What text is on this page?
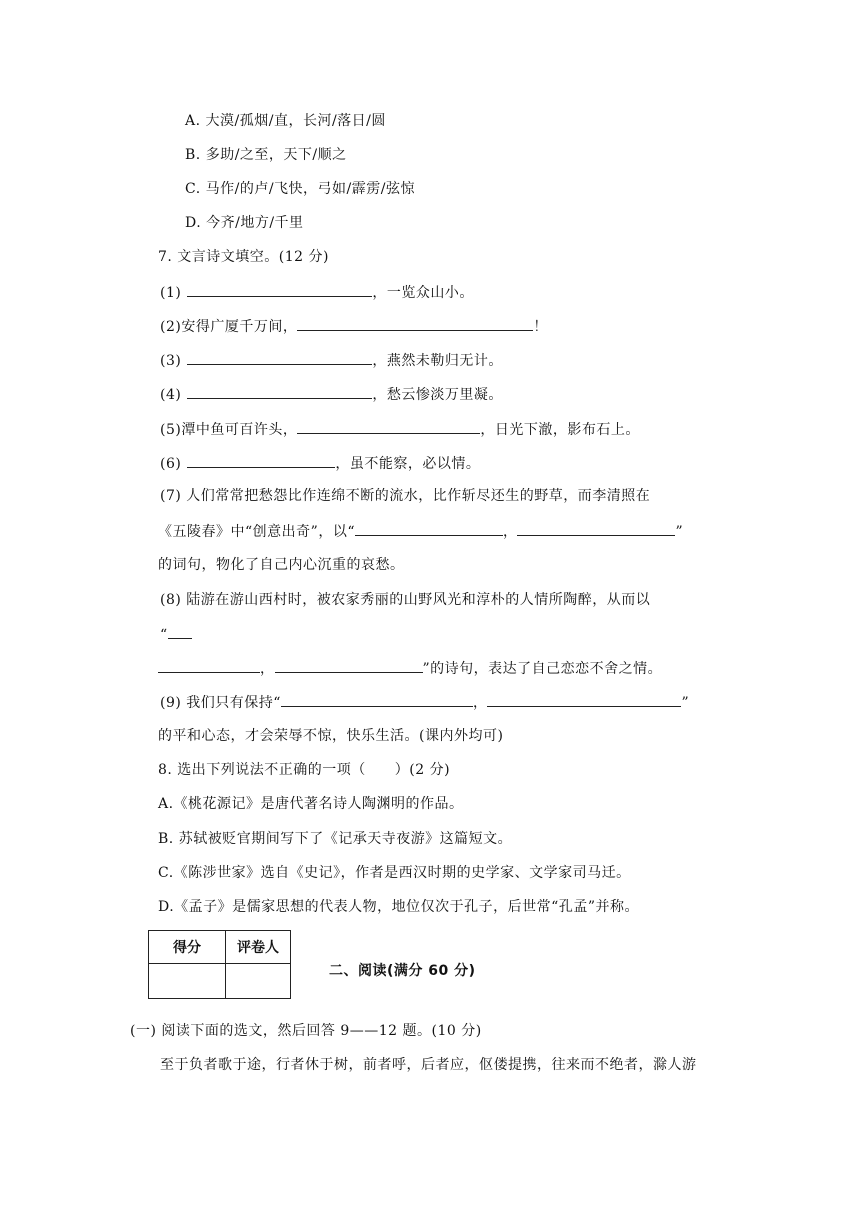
A. 大漠/孤烟/直，长河/落日/圆
B. 多助/之至，天下/顺之
C. 马作/的卢/飞快，弓如/霹雳/弦惊
D. 今齐/地方/千里
7. 文言诗文填空。(12 分)
(1)	，一览众山小。
(2)安得广厦千万间，	！
(3)	，燕然未勒归无计。
(4)	，愁云惨淡万里凝。
(5)潭中鱼可百许头，	，日光下澈，影布石上。
(6)	，虽不能察，必以情。
(7) 人们常常把愁怨比作连绵不断的流水，比作斩尽还生的野草，而李清照在
《五陵春》中“创意出奇”，以“	，	”
的词句，物化了自己内心沉重的哀愁。
(8) 陆游在游山西村时，被农家秀丽的山野风光和淳朴的人情所陶醉，从而以
“
，	”的诗句，表达了自己恋恋不舍之情。
(9) 我们只有保持“	，	”
的平和心态，才会荣辱不惊，快乐生活。(课内外均可)
8. 选出下列说法不正确的一项（　　）(2 分)
A.《桃花源记》是唐代著名诗人陶渊明的作品。
B. 苏轼被贬官期间写下了《记承天寺夜游》这篇短文。
C.《陈涉世家》选自《史记》，作者是西汉时期的史学家、文学家司马迁。
D.《孟子》是儒家思想的代表人物，地位仅次于孔子，后世常“孔孟”并称。
得分	评卷人

二、阅读(满分 60 分)
(一) 阅读下面的选文，然后回答 9——12 题。(10 分)
至于负者歌于途，行者休于树，前者呼，后者应，伛偻提携，往来而不绝者，滁人游
